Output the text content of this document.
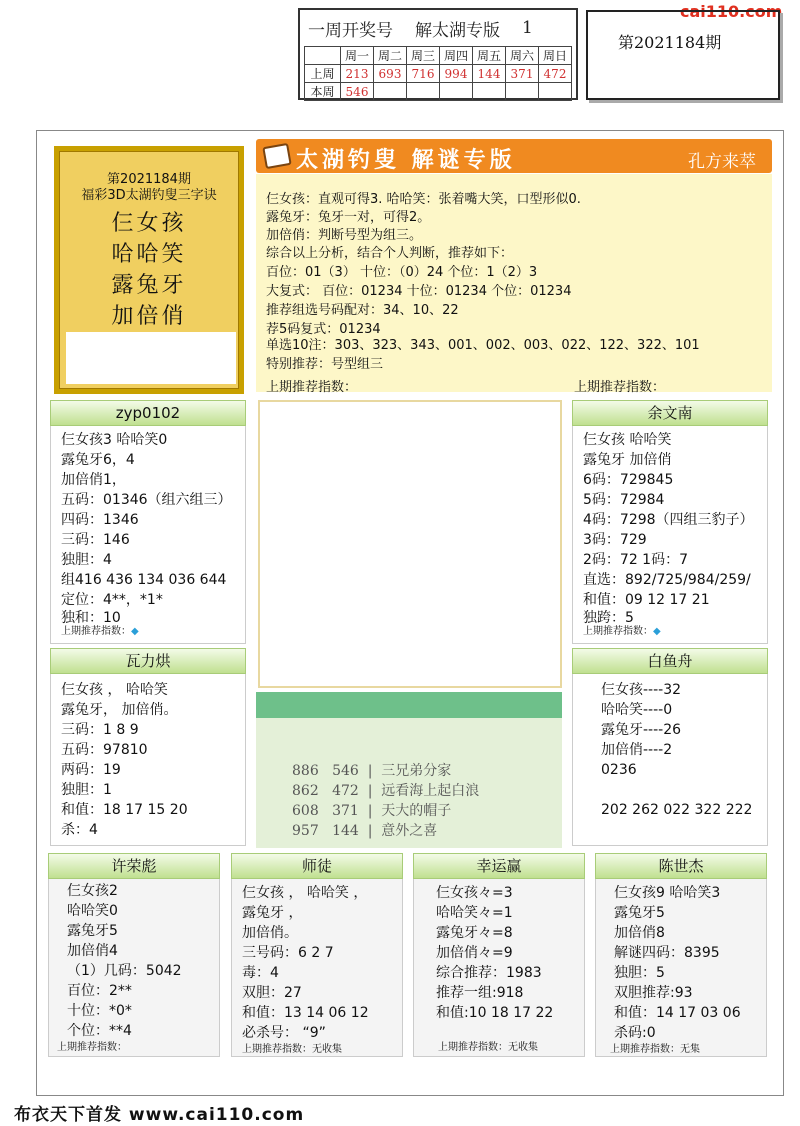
cai110.com
一周开奖号 解太湖专版 1
	周一	周二	周三	周四	周五	周六	周日
上周	213	693	716	994	144	371	472
本周	546						
第2021184期
第2021184期
福彩3D太湖钓叟三字诀
仨女孩
哈哈笑
露兔牙
加倍俏
太湖钓叟 解谜专版	孔方来萃
仨女孩：直观可得3. 哈哈笑：张着嘴大笑，口型形似0.
露兔牙：兔牙一对，可得2。
加倍俏：判断号型为组三。
综合以上分析，结合个人判断，推荐如下：
百位：01（3） 十位：（0）24 个位：1（2）3
大复式： 百位：01234 十位：01234 个位：01234
推荐组选号码配对：34、10、22
荐5码复式：01234
单选10注：303、323、343、001、002、003、022、122、322、101
特别推荐：号型组三
上期推荐指数：	上期推荐指数：
zyp0102
仨女孩3 哈哈笑0
露兔牙6，4
加倍俏1，
五码：01346（组六组三）
四码：1346
三码：146
独胆：4
组416 436 134 036 644
定位：4**，*1*
独和：10
上期推荐指数：◆
余文南
仨女孩 哈哈笑
露兔牙 加倍俏
6码：729845
5码：72984
4码：7298（四组三豹子）
3码：729
2码：72 1码：7
直选：892/725/984/259/
和值：09 12 17 21
独跨：5
上期推荐指数：◆
瓦力烘
仨女孩 ， 哈哈笑
露兔牙， 加倍俏。
三码：1 8 9
五码：97810
两码：19
独胆：1
和值：18 17 15 20
杀：4
886   546  |  三兄弟分家
862   472  |  远看海上起白浪
608   371  |  天大的帽子
957   144  |  意外之喜
白鱼舟
仨女孩----32
哈哈笑----0
露兔牙----26
加倍俏----2
0236
202 262 022 322 222
许荣彪
仨女孩2
哈哈笑0
露兔牙5
加倍俏4
（1）几码：5042
百位：2**
十位：*0*
个位：**4
上期推荐指数：
师徒
仨女孩 ， 哈哈笑 ，
露兔牙 ，
加倍俏。
三号码：6 2 7
毒：4
双胆：27
和值：13 14 06 12
必杀号： “9”
上期推荐指数：无收集
幸运赢
仨女孩々=3
哈哈笑々=1
露兔牙々=8
加倍俏々=9
综合推荐：1983
推荐一组:918
和值:10 18 17 22
上期推荐指数：无收集
陈世杰
仨女孩9 哈哈笑3
露兔牙5
加倍俏8
解谜四码：8395
独胆：5
双胆推荐:93
和值：14 17 03 06
杀码:0
上期推荐指数：无集
布衣天下首发 www.cai110.com
